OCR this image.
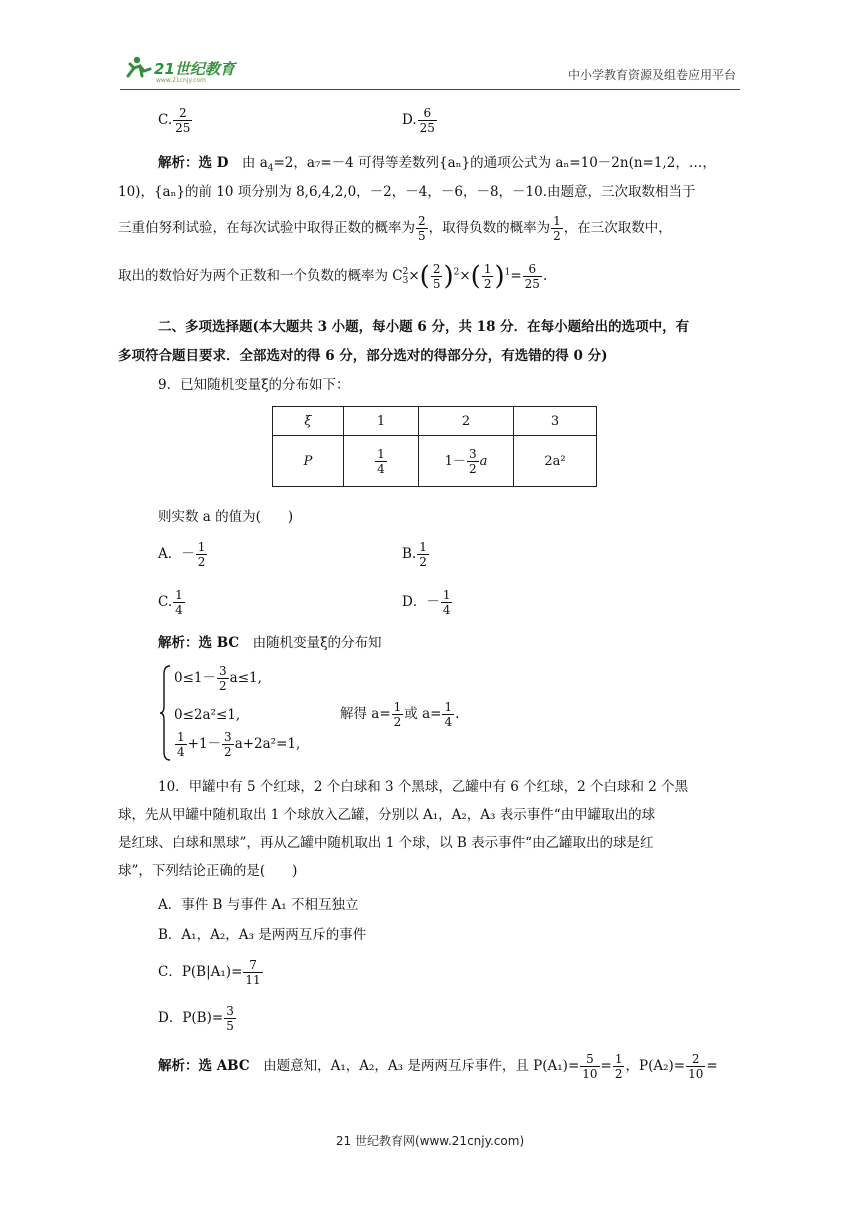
21世纪教育
www.21cnjy.com	中小学教育资源及组卷应用平台
C. $\frac{2}{25}$	D. $\frac{6}{25}$
解析：选 D　 由 $a_4=2$，a₇=－4 可得等差数列{aₙ}的通项公式为 aₙ=10－2n(n=1,2，…，
10)，{aₙ}的前 10 项分别为 8,6,4,2,0，－2，－4，－6，－8，－10.由题意，三次取数相当于
三重伯努利试验，在每次试验中取得正数的概率为 $\frac{2}{5}$ ，取得负数的概率为 $\frac{1}{2}$ ，在三次取数中，
取出的数恰好为两个正数和一个负数的概率为 C 2
3 ×( $\frac{2}{5} )^2\times( \frac{1}{2} )^1= \frac{6}{25}$ .
二、多项选择题(本大题共 3 小题，每小题 6 分，共 18 分．在每小题给出的选项中，有
多项符合题目要求．全部选对的得 6 分，部分选对的得部分分，有选错的得 0 分)
9．已知随机变量ξ的分布如下：
ξ	1	2	3
P	$\frac{1}{4}$	$1- \frac{3}{2}$ a	2a²
则实数 a 的值为(　　)
A．－ $\frac{1}{2}$	B. $\frac{1}{2}$
C. $\frac{1}{4}$	D．－ $\frac{1}{4}$
解析：选 BC　 由随机变量ξ的分布知
$0\le 1- \frac{3}{2} a\le 1$,
0≤2a²≤1,
$\frac{1}{4} +1- \frac{3}{2} a+2a^2=1$,
解得 $a= \frac{1}{2}$ 或 $a= \frac{1}{4}$ .
10．甲罐中有 5 个红球，2 个白球和 3 个黑球，乙罐中有 6 个红球，2 个白球和 2 个黑
球，先从甲罐中随机取出 1 个球放入乙罐，分别以 A₁，A₂，A₃ 表示事件“由甲罐取出的球
是红球、白球和黑球”，再从乙罐中随机取出 1 个球，以 B 表示事件“由乙罐取出的球是红
球”，下列结论正确的是(　　)
A．事件 B 与事件 A₁ 不相互独立
B．A₁，A₂，A₃ 是两两互斥的事件
C．$P(B|A_1)= \frac{7}{11}$
D．$P(B)= \frac{3}{5}$
解析：选 ABC　 由题意知，A₁，A₂，A₃ 是两两互斥事件，且 $P(A_1)= \frac{5}{10} = \frac{1}{2}$ ，$P(A_2)= \frac{2}{10}$ =
21 世纪教育网(www.21cnjy.com)
